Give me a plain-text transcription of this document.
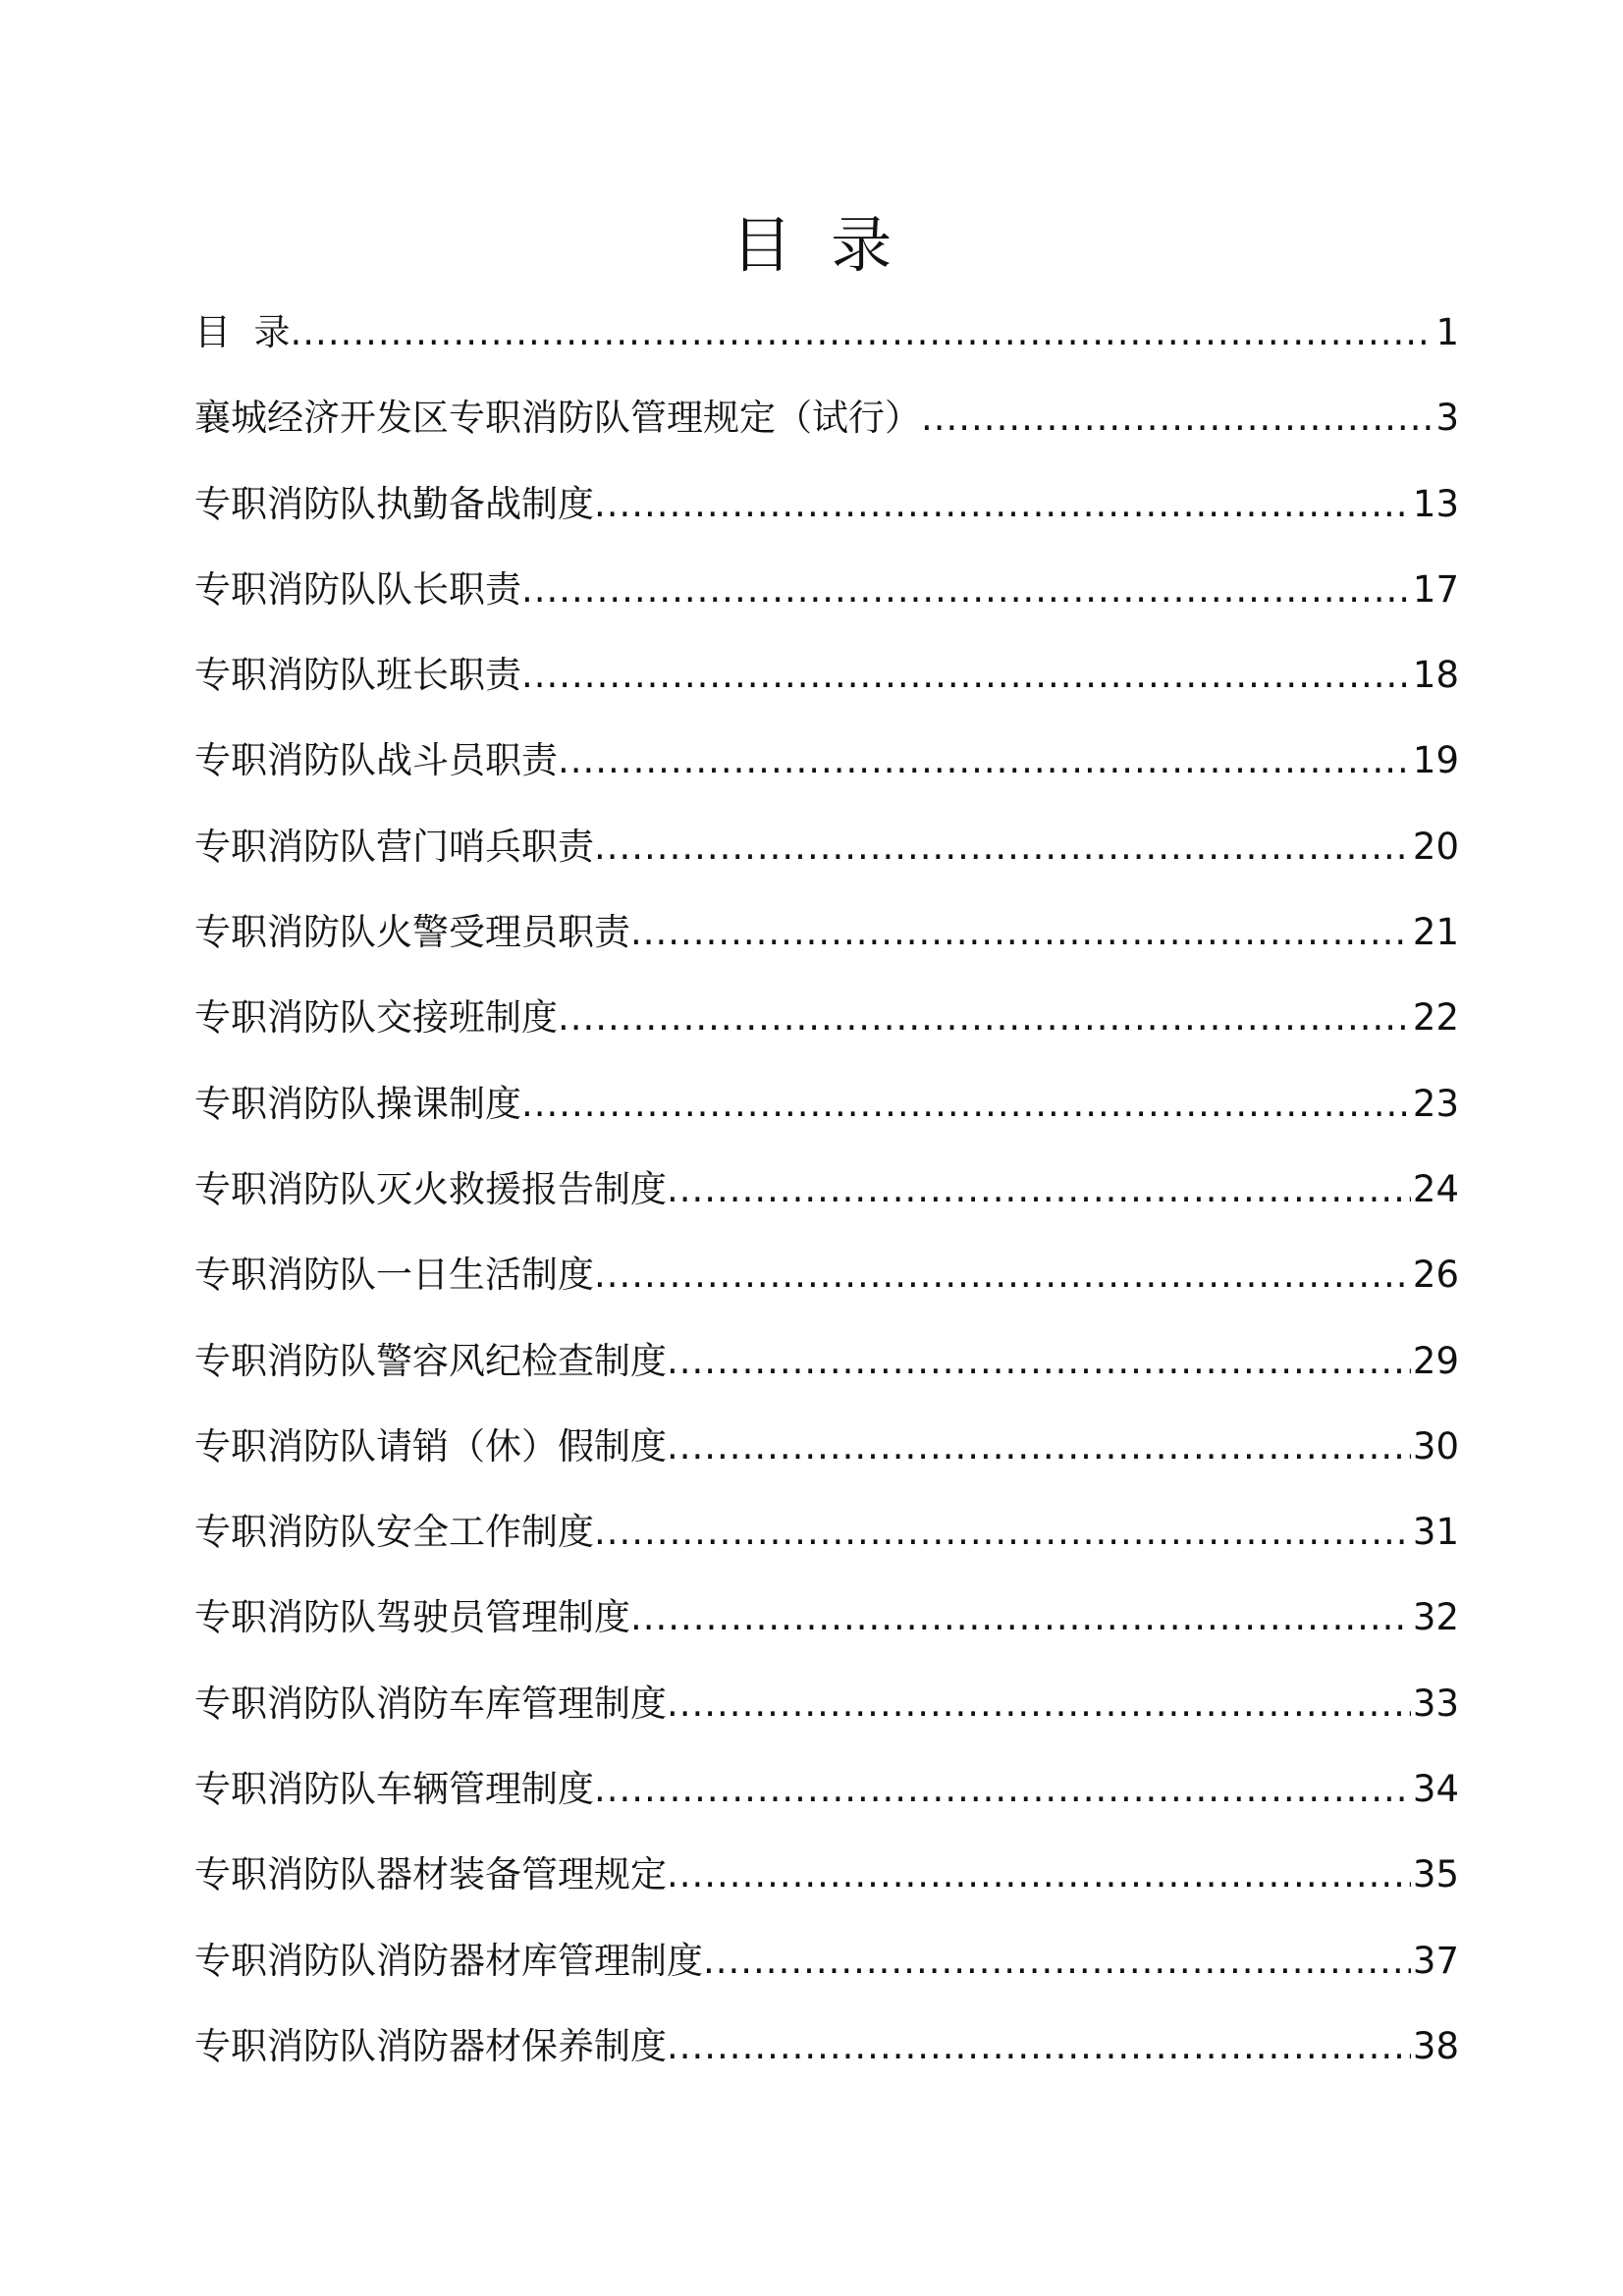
目  录
目  录 .....	1
襄城经济开发区专职消防队管理规定（试行） .....	3
专职消防队执勤备战制度 .....	13
专职消防队队长职责 .....	17
专职消防队班长职责 .....	18
专职消防队战斗员职责 .....	19
专职消防队营门哨兵职责 .....	20
专职消防队火警受理员职责 .....	21
专职消防队交接班制度 .....	22
专职消防队操课制度 .....	23
专职消防队灭火救援报告制度 .....	24
专职消防队一日生活制度 .....	26
专职消防队警容风纪检查制度 .....	29
专职消防队请销（休）假制度 .....	30
专职消防队安全工作制度 .....	31
专职消防队驾驶员管理制度 .....	32
专职消防队消防车库管理制度 .....	33
专职消防队车辆管理制度 .....	34
专职消防队器材装备管理规定 .....	35
专职消防队消防器材库管理制度 .....	37
专职消防队消防器材保养制度 .....	38
